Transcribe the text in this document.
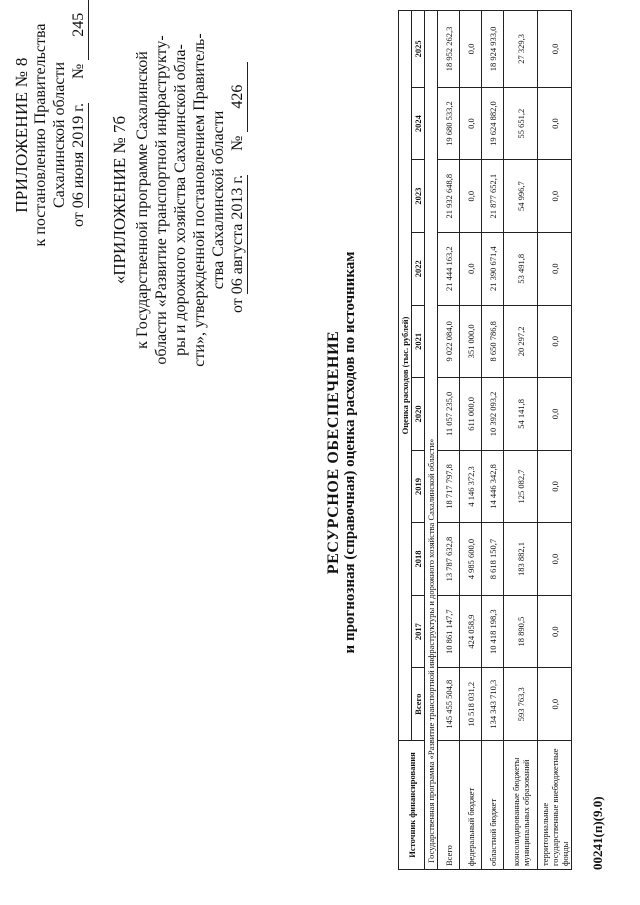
ПРИЛОЖЕНИЕ № 8 к постановлению Правительства Сахалинской области
от 06 июня 2019 г.      № 245
«ПРИЛОЖЕНИЕ № 7б к Государственной программе Сахалинской области «Развитие транспортной инфраструкту- ры и дорожного хозяйства Сахалинской обла- сти», утвержденной постановлением Правитель- ства Сахалинской области
от 06 августа 2013 г.      № 426
РЕСУРСНОЕ ОБЕСПЕЧЕНИЕ и прогнозная (справочная) оценка расходов по источникам
Источник финансирования	Оценка расходов (тыс. рублей)									
	Всего	2017	2018	2019	2020	2021	2022	2023	2024	2025
Государственная программа «Развитие транспортной инфраструктуры и дорожного хозяйства Сахалинской области»										
Всего	145 455 504,8	10 861 147,7	13 787 632,8	18 717 797,8	11 057 235,0	9 022 084,0	21 444 163,2	21 932 648,8	19 680 533,2	18 952 262,3
федеральный бюджет	10 518 031,2	424 058,9	4 985 600,0	4 146 372,3	611 000,0	351 000,0	0,0	0,0	0,0	0,0
областной бюджет	134 343 710,3	10 418 198,3	8 618 150,7	14 446 342,8	10 392 093,2	8 650 786,8	21 390 671,4	21 877 652,1	19 624 882,0	18 924 933,0
консолидированные бюджеты муниципальных образований	593 763,3	18 890,5	183 882,1	125 082,7	54 141,8	20 297,2	53 491,8	54 996,7	55 651,2	27 329,3
территориальные государственные внебюджетные фонды	0,0	0,0	0,0	0,0	0,0	0,0	0,0	0,0	0,0	0,0
00241(п)(9.0)
